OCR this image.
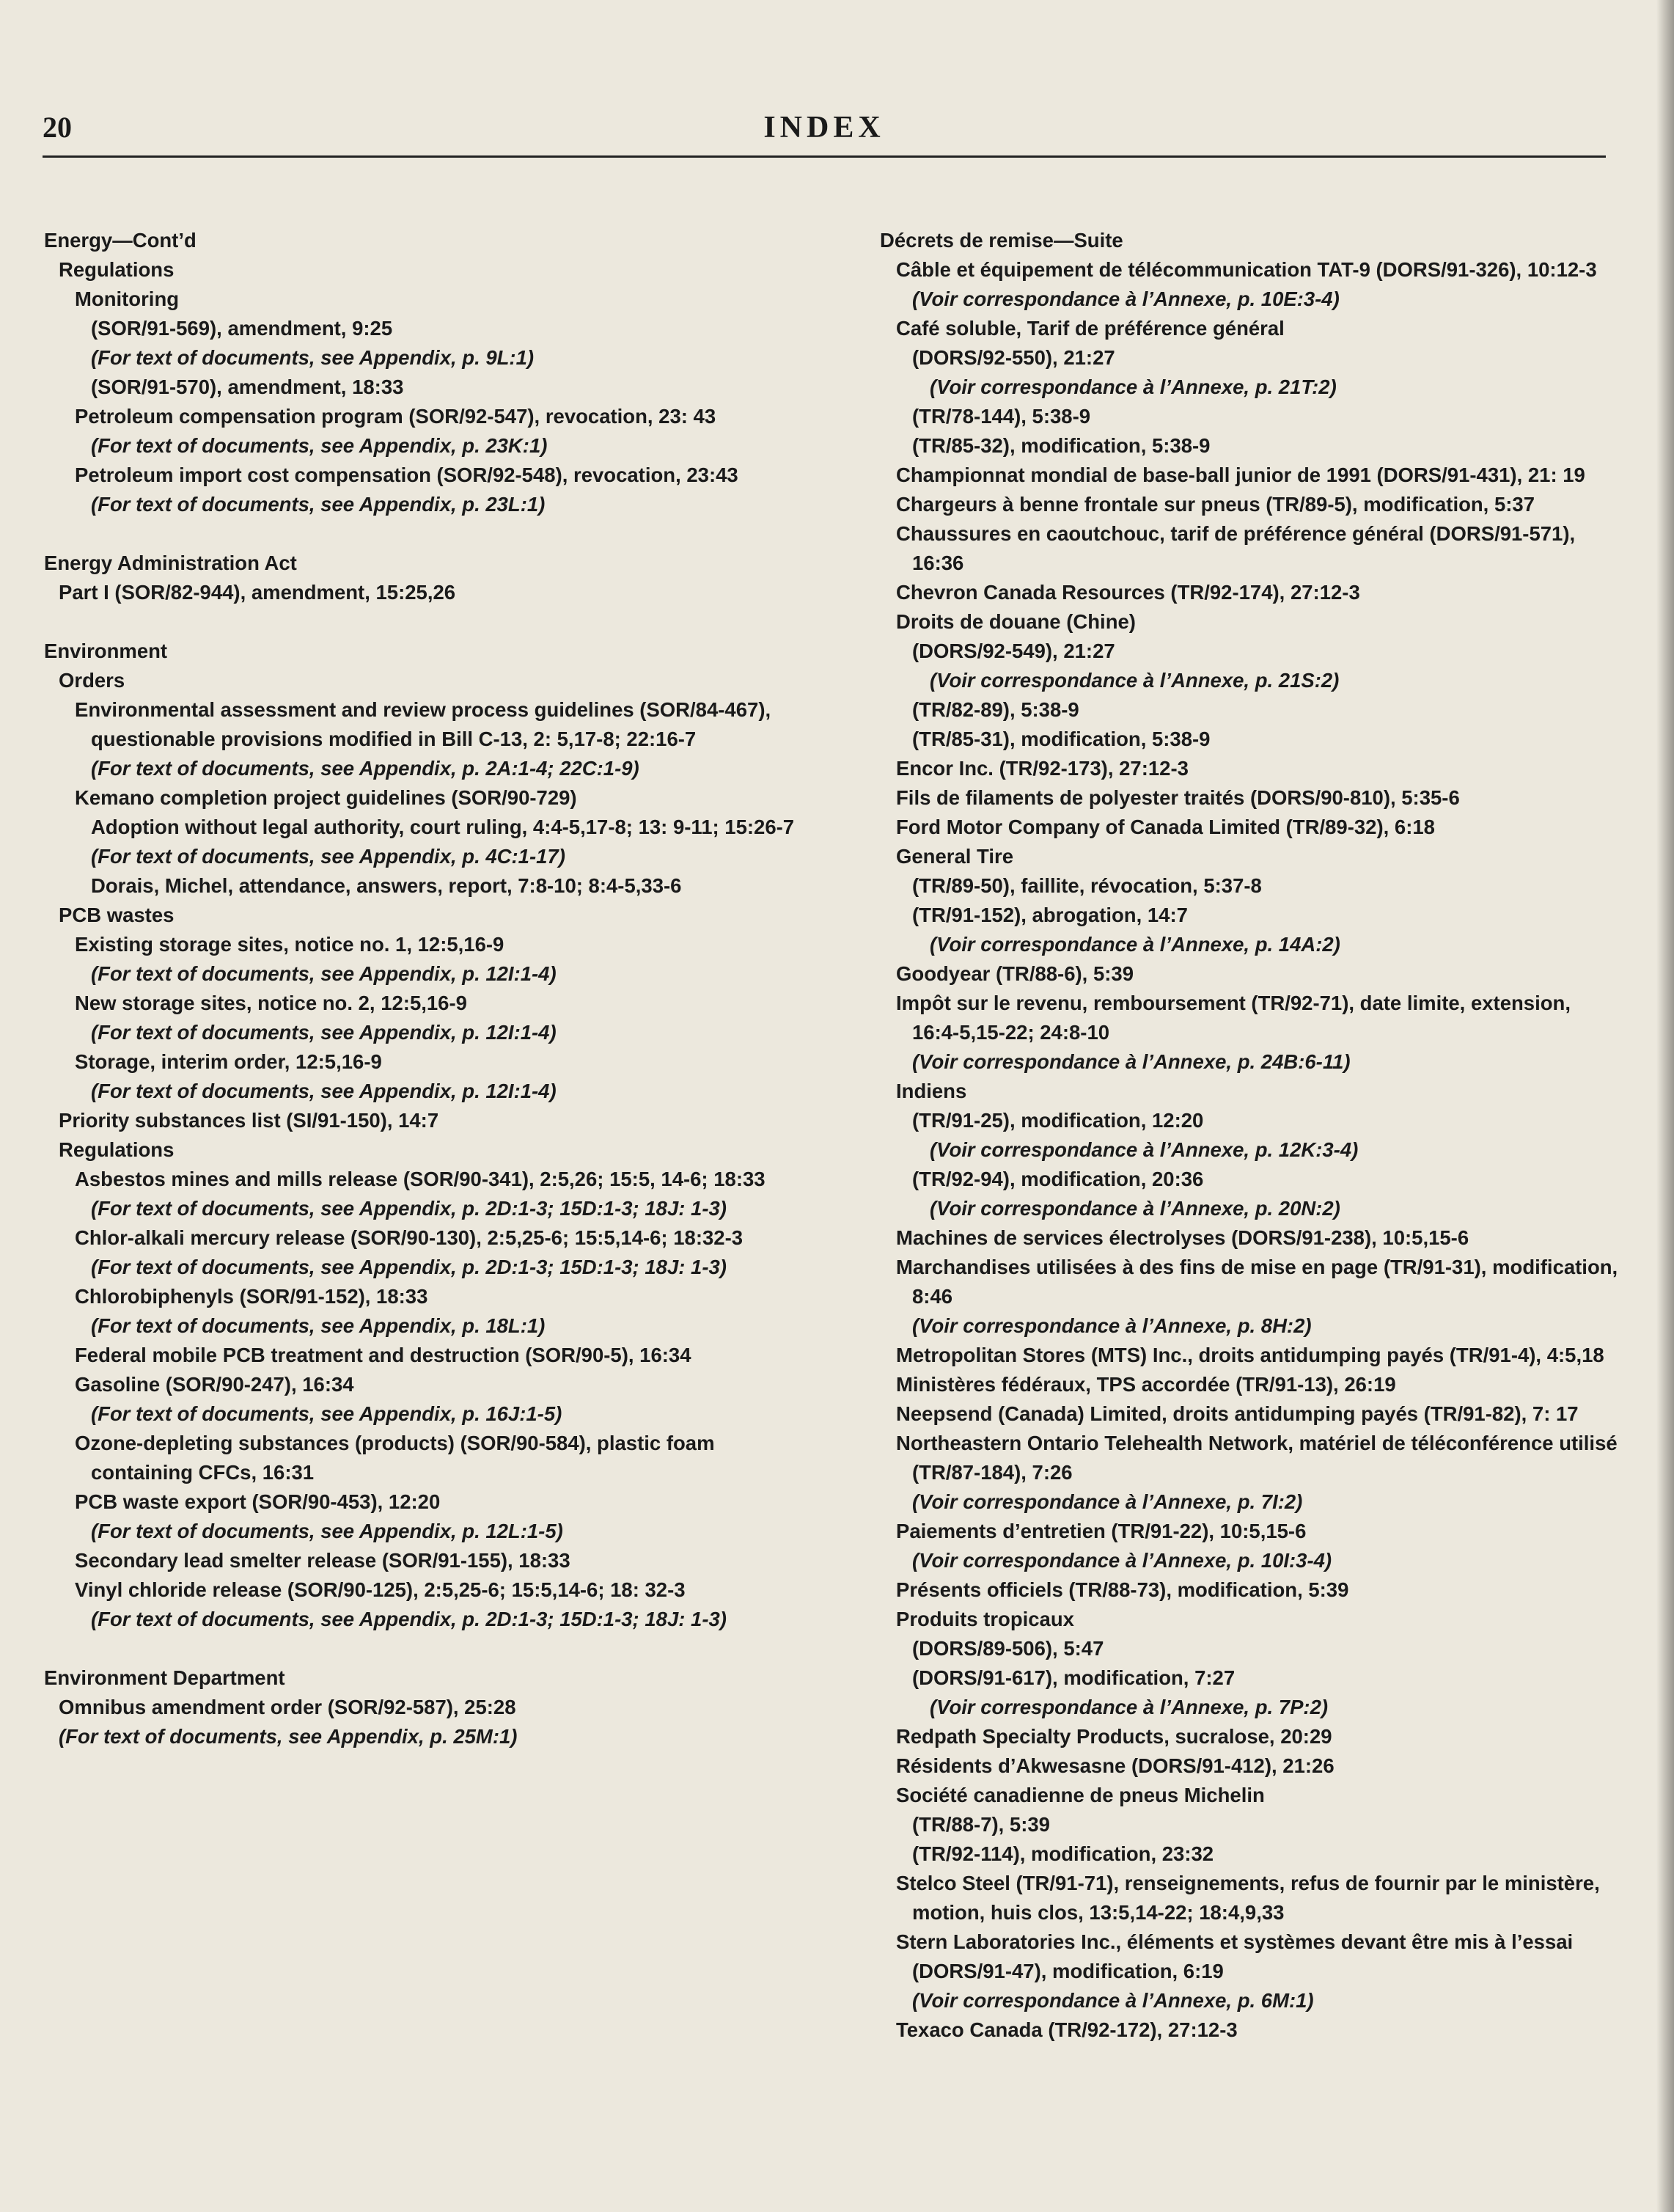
20	INDEX
Energy—Cont’d
Regulations
Monitoring
(SOR/91-569), amendment, 9:25
(For text of documents, see Appendix, p. 9L:1)
(SOR/91-570), amendment, 18:33
Petroleum compensation program (SOR/92-547), revocation, 23: 43
(For text of documents, see Appendix, p. 23K:1)
Petroleum import cost compensation (SOR/92-548), revocation, 23:43
(For text of documents, see Appendix, p. 23L:1)
Energy Administration Act
Part I (SOR/82-944), amendment, 15:25,26
Environment
Orders
Environmental assessment and review process guidelines (SOR/84-467), questionable provisions modified in Bill C-13, 2: 5,17-8; 22:16-7
(For text of documents, see Appendix, p. 2A:1-4; 22C:1-9)
Kemano completion project guidelines (SOR/90-729)
Adoption without legal authority, court ruling, 4:4-5,17-8; 13: 9-11; 15:26-7
(For text of documents, see Appendix, p. 4C:1-17)
Dorais, Michel, attendance, answers, report, 7:8-10; 8:4-5,33-6
PCB wastes
Existing storage sites, notice no. 1, 12:5,16-9
(For text of documents, see Appendix, p. 12I:1-4)
New storage sites, notice no. 2, 12:5,16-9
(For text of documents, see Appendix, p. 12I:1-4)
Storage, interim order, 12:5,16-9
(For text of documents, see Appendix, p. 12I:1-4)
Priority substances list (SI/91-150), 14:7
Regulations
Asbestos mines and mills release (SOR/90-341), 2:5,26; 15:5, 14-6; 18:33
(For text of documents, see Appendix, p. 2D:1-3; 15D:1-3; 18J: 1-3)
Chlor-alkali mercury release (SOR/90-130), 2:5,25-6; 15:5,14-6; 18:32-3
(For text of documents, see Appendix, p. 2D:1-3; 15D:1-3; 18J: 1-3)
Chlorobiphenyls (SOR/91-152), 18:33
(For text of documents, see Appendix, p. 18L:1)
Federal mobile PCB treatment and destruction (SOR/90-5), 16:34
Gasoline (SOR/90-247), 16:34
(For text of documents, see Appendix, p. 16J:1-5)
Ozone-depleting substances (products) (SOR/90-584), plastic foam containing CFCs, 16:31
PCB waste export (SOR/90-453), 12:20
(For text of documents, see Appendix, p. 12L:1-5)
Secondary lead smelter release (SOR/91-155), 18:33
Vinyl chloride release (SOR/90-125), 2:5,25-6; 15:5,14-6; 18: 32-3
(For text of documents, see Appendix, p. 2D:1-3; 15D:1-3; 18J: 1-3)
Environment Department
Omnibus amendment order (SOR/92-587), 25:28
(For text of documents, see Appendix, p. 25M:1)
Décrets de remise—Suite
Câble et équipement de télécommunication TAT-9 (DORS/91-326), 10:12-3
(Voir correspondance à l’Annexe, p. 10E:3-4)
Café soluble, Tarif de préférence général
(DORS/92-550), 21:27
(Voir correspondance à l’Annexe, p. 21T:2)
(TR/78-144), 5:38-9
(TR/85-32), modification, 5:38-9
Championnat mondial de base-ball junior de 1991 (DORS/91-431), 21: 19
Chargeurs à benne frontale sur pneus (TR/89-5), modification, 5:37
Chaussures en caoutchouc, tarif de préférence général (DORS/91-571), 16:36
Chevron Canada Resources (TR/92-174), 27:12-3
Droits de douane (Chine)
(DORS/92-549), 21:27
(Voir correspondance à l’Annexe, p. 21S:2)
(TR/82-89), 5:38-9
(TR/85-31), modification, 5:38-9
Encor Inc. (TR/92-173), 27:12-3
Fils de filaments de polyester traités (DORS/90-810), 5:35-6
Ford Motor Company of Canada Limited (TR/89-32), 6:18
General Tire
(TR/89-50), faillite, révocation, 5:37-8
(TR/91-152), abrogation, 14:7
(Voir correspondance à l’Annexe, p. 14A:2)
Goodyear (TR/88-6), 5:39
Impôt sur le revenu, remboursement (TR/92-71), date limite, extension, 16:4-5,15-22; 24:8-10
(Voir correspondance à l’Annexe, p. 24B:6-11)
Indiens
(TR/91-25), modification, 12:20
(Voir correspondance à l’Annexe, p. 12K:3-4)
(TR/92-94), modification, 20:36
(Voir correspondance à l’Annexe, p. 20N:2)
Machines de services électrolyses (DORS/91-238), 10:5,15-6
Marchandises utilisées à des fins de mise en page (TR/91-31), modification, 8:46
(Voir correspondance à l’Annexe, p. 8H:2)
Metropolitan Stores (MTS) Inc., droits antidumping payés (TR/91-4), 4:5,18
Ministères fédéraux, TPS accordée (TR/91-13), 26:19
Neepsend (Canada) Limited, droits antidumping payés (TR/91-82), 7: 17
Northeastern Ontario Telehealth Network, matériel de téléconférence utilisé (TR/87-184), 7:26
(Voir correspondance à l’Annexe, p. 7I:2)
Paiements d’entretien (TR/91-22), 10:5,15-6
(Voir correspondance à l’Annexe, p. 10I:3-4)
Présents officiels (TR/88-73), modification, 5:39
Produits tropicaux
(DORS/89-506), 5:47
(DORS/91-617), modification, 7:27
(Voir correspondance à l’Annexe, p. 7P:2)
Redpath Specialty Products, sucralose, 20:29
Résidents d’Akwesasne (DORS/91-412), 21:26
Société canadienne de pneus Michelin
(TR/88-7), 5:39
(TR/92-114), modification, 23:32
Stelco Steel (TR/91-71), renseignements, refus de fournir par le ministère, motion, huis clos, 13:5,14-22; 18:4,9,33
Stern Laboratories Inc., éléments et systèmes devant être mis à l’essai (DORS/91-47), modification, 6:19
(Voir correspondance à l’Annexe, p. 6M:1)
Texaco Canada (TR/92-172), 27:12-3
